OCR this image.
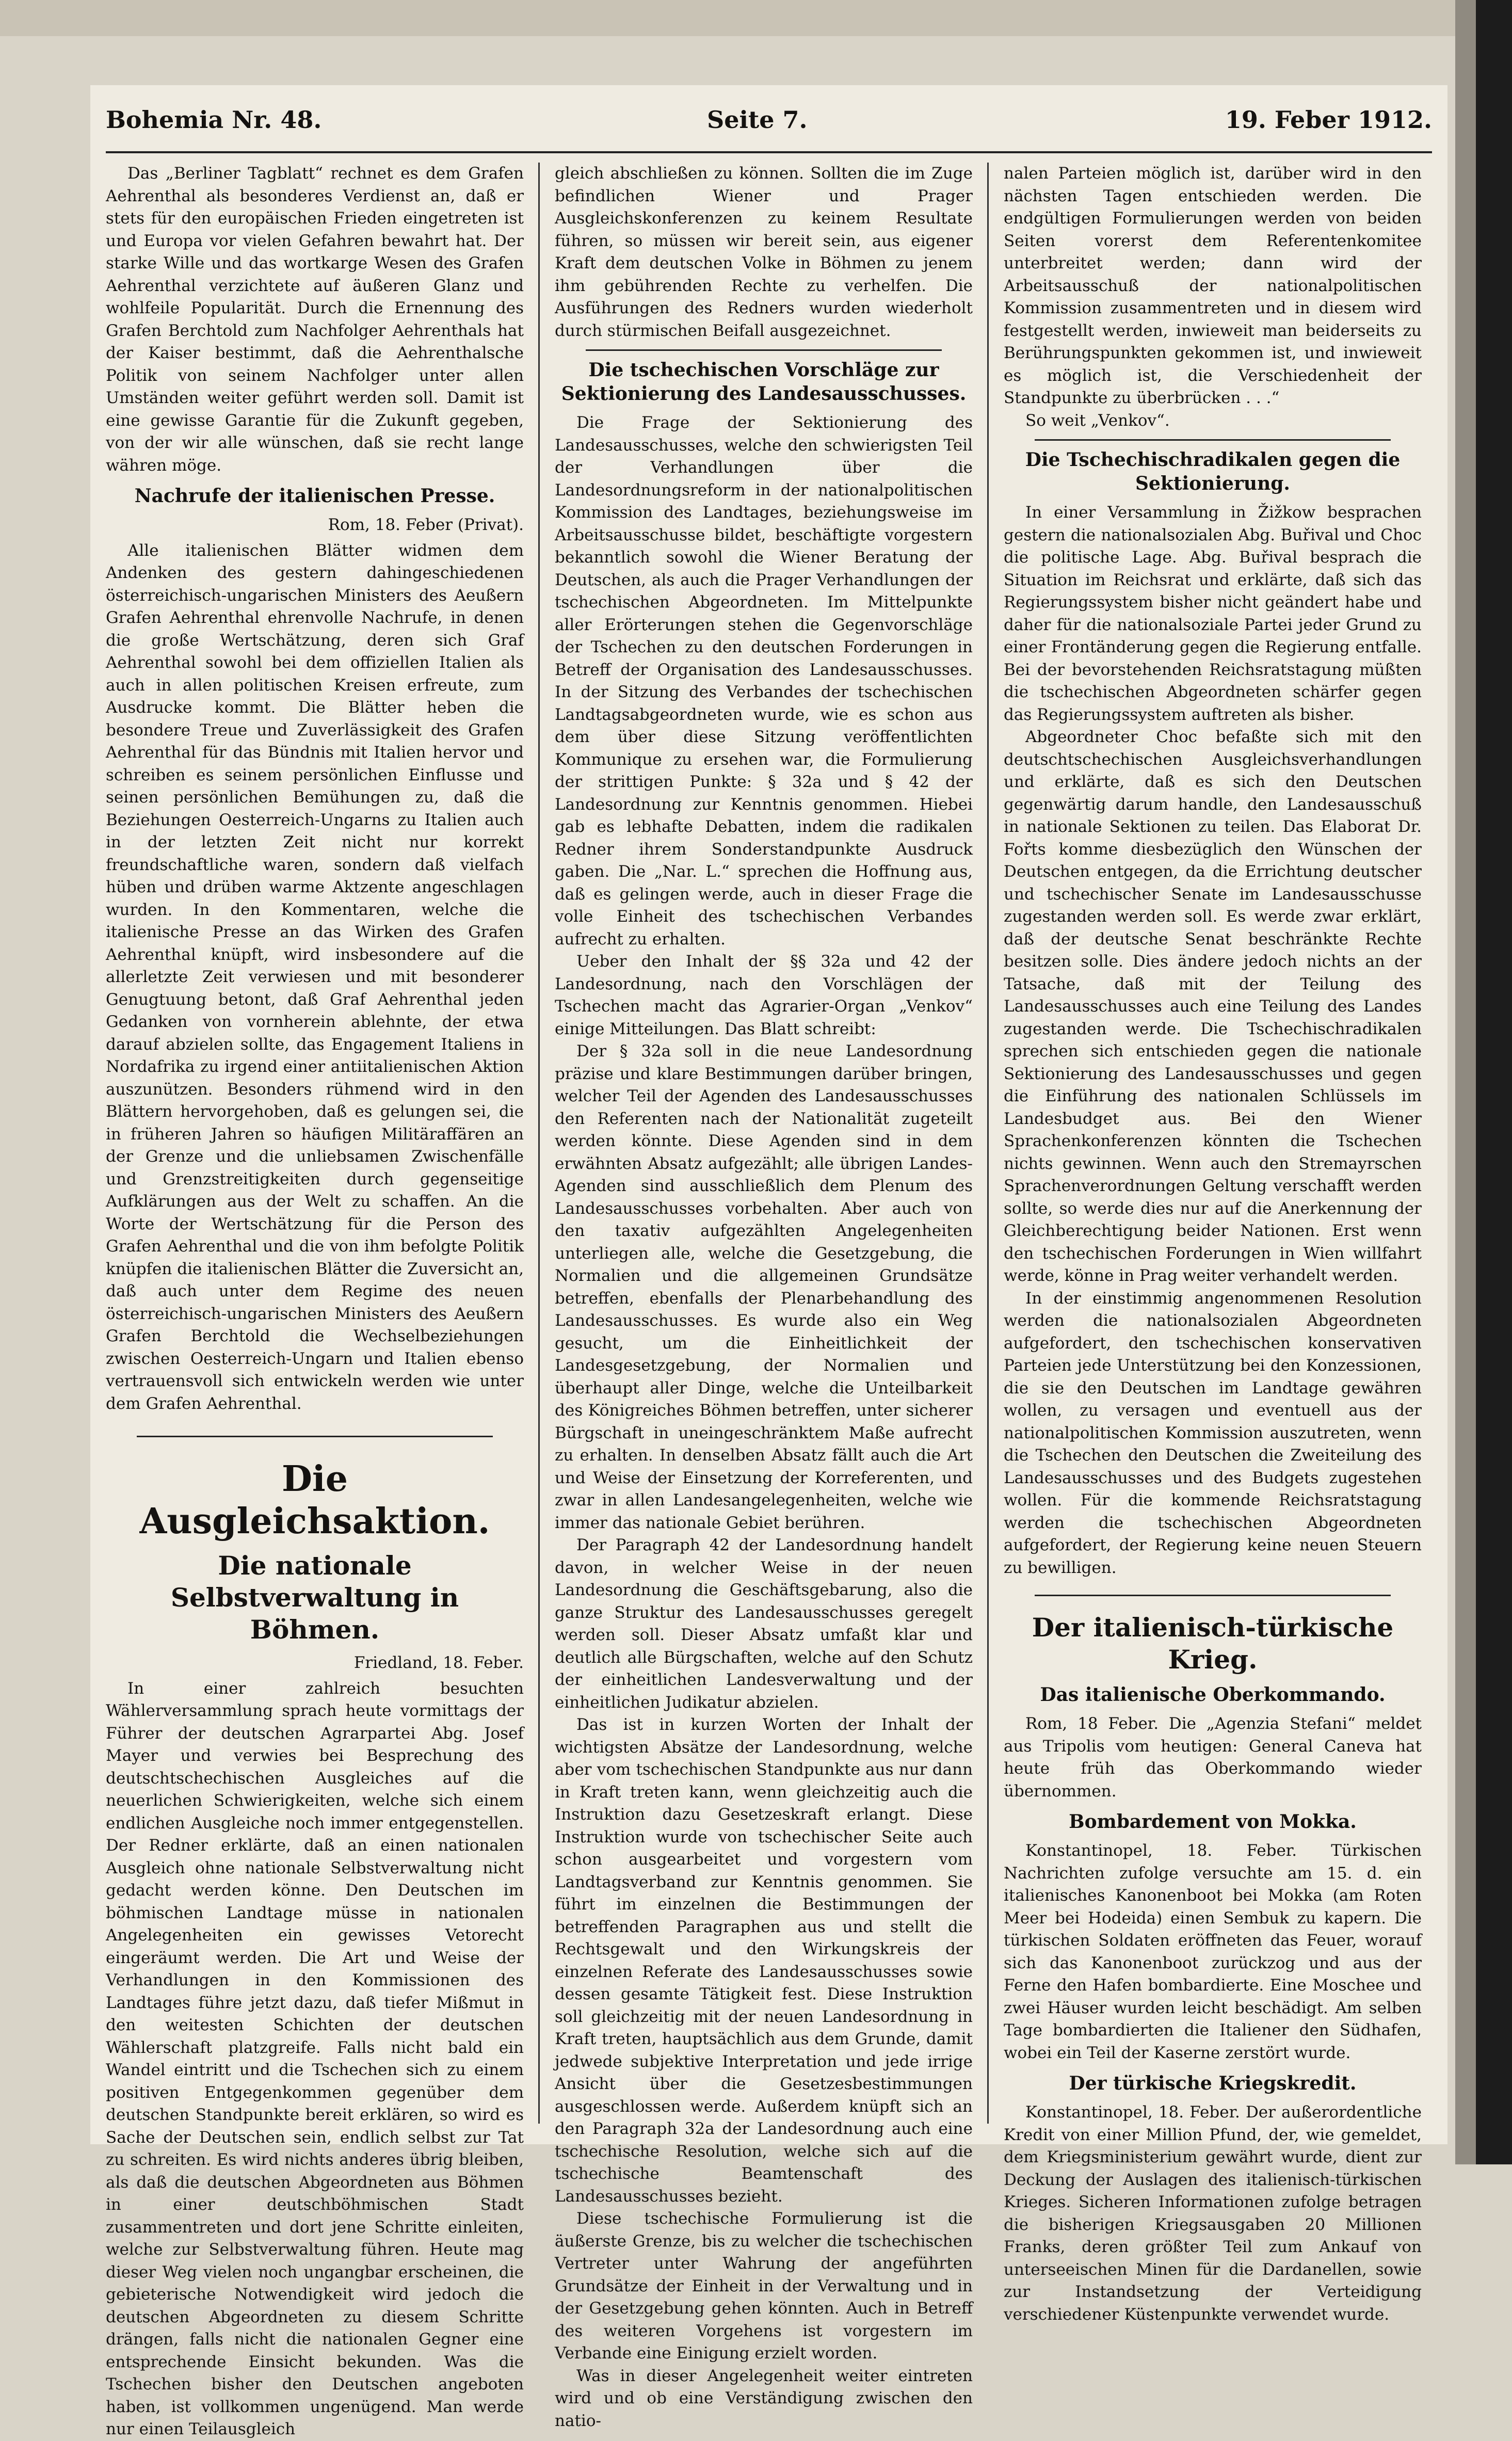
Bohemia Nr. 48.	Seite 7.	19. Feber 1912.

Das „Berliner Tagblatt“ rechnet es dem Grafen Aehrenthal als besonderes Verdienst an, daß er stets für den europäischen Frieden eingetreten ist und Europa vor vielen Gefahren bewahrt hat. Der starke Wille und das wortkarge Wesen des Grafen Aehrenthal verzichtete auf äußeren Glanz und wohlfeile Popularität. Durch die Ernennung des Grafen Berchtold zum Nachfolger Aehrenthals hat der Kaiser bestimmt, daß die Aehrenthalsche Politik von seinem Nachfolger unter allen Umständen weiter geführt werden soll. Damit ist eine gewisse Garantie für die Zukunft gegeben, von der wir alle wünschen, daß sie recht lange währen möge.

Nachrufe der italienischen Presse.
Rom, 18. Feber (Privat).

Alle italienischen Blätter widmen dem Andenken des gestern dahingeschiedenen österreichisch-ungarischen Ministers des Aeußern Grafen Aehrenthal ehrenvolle Nachrufe, in denen die große Wertschätzung, deren sich Graf Aehrenthal sowohl bei dem offiziellen Italien als auch in allen politischen Kreisen erfreute, zum Ausdrucke kommt. Die Blätter heben die besondere Treue und Zuverlässigkeit des Grafen Aehrenthal für das Bündnis mit Italien hervor und schreiben es seinem persönlichen Einflusse und seinen persönlichen Bemühungen zu, daß die Beziehungen Oesterreich-Ungarns zu Italien auch in der letzten Zeit nicht nur korrekt freundschaftliche waren, sondern daß vielfach hüben und drüben warme Aktzente angeschlagen wurden. In den Kommentaren, welche die italienische Presse an das Wirken des Grafen Aehrenthal knüpft, wird insbesondere auf die allerletzte Zeit verwiesen und mit besonderer Genugtuung betont, daß Graf Aehrenthal jeden Gedanken von vornherein ablehnte, der etwa darauf abzielen sollte, das Engagement Italiens in Nordafrika zu irgend einer antiitalienischen Aktion auszunützen. Besonders rühmend wird in den Blättern hervorgehoben, daß es gelungen sei, die in früheren Jahren so häufigen Militäraffären an der Grenze und die unliebsamen Zwischenfälle und Grenzstreitigkeiten durch gegenseitige Aufklärungen aus der Welt zu schaffen. An die Worte der Wertschätzung für die Person des Grafen Aehrenthal und die von ihm befolgte Politik knüpfen die italienischen Blätter die Zuversicht an, daß auch unter dem Regime des neuen österreichisch-ungarischen Ministers des Aeußern Grafen Berchtold die Wechselbeziehungen zwischen Oesterreich-Ungarn und Italien ebenso vertrauensvoll sich entwickeln werden wie unter dem Grafen Aehrenthal.

Die Ausgleichsaktion.
Die nationale Selbstverwaltung in Böhmen.
Friedland, 18. Feber.

In einer zahlreich besuchten Wählerversammlung sprach heute vormittags der Führer der deutschen Agrarpartei Abg. Josef Mayer und verwies bei Besprechung des deutschtschechischen Ausgleiches auf die neuerlichen Schwierigkeiten, welche sich einem endlichen Ausgleiche noch immer entgegenstellen. Der Redner erklärte, daß an einen nationalen Ausgleich ohne nationale Selbstverwaltung nicht gedacht werden könne. Den Deutschen im böhmischen Landtage müsse in nationalen Angelegenheiten ein gewisses Vetorecht eingeräumt werden. Die Art und Weise der Verhandlungen in den Kommissionen des Landtages führe jetzt dazu, daß tiefer Mißmut in den weitesten Schichten der deutschen Wählerschaft platzgreife. Falls nicht bald ein Wandel eintritt und die Tschechen sich zu einem positiven Entgegenkommen gegenüber dem deutschen Standpunkte bereit erklären, so wird es Sache der Deutschen sein, endlich selbst zur Tat zu schreiten. Es wird nichts anderes übrig bleiben, als daß die deutschen Abgeordneten aus Böhmen in einer deutschböhmischen Stadt zusammentreten und dort jene Schritte einleiten, welche zur Selbstverwaltung führen. Heute mag dieser Weg vielen noch ungangbar erscheinen, die gebieterische Notwendigkeit wird jedoch die deutschen Abgeordneten zu diesem Schritte drängen, falls nicht die nationalen Gegner eine entsprechende Einsicht bekunden. Was die Tschechen bisher den Deutschen angeboten haben, ist vollkommen ungenügend. Man werde nur einen Teilausgleich

gleich abschließen zu können. Sollten die im Zuge befindlichen Wiener und Prager Ausgleichskonferenzen zu keinem Resultate führen, so müssen wir bereit sein, aus eigener Kraft dem deutschen Volke in Böhmen zu jenem ihm gebührenden Rechte zu verhelfen. Die Ausführungen des Redners wurden wiederholt durch stürmischen Beifall ausgezeichnet.

Die tschechischen Vorschläge zur Sektionierung des Landesausschusses.

Die Frage der Sektionierung des Landesausschusses, welche den schwierigsten Teil der Verhandlungen über die Landesordnungsreform in der nationalpolitischen Kommission des Landtages, beziehungsweise im Arbeitsausschusse bildet, beschäftigte vorgestern bekanntlich sowohl die Wiener Beratung der Deutschen, als auch die Prager Verhandlungen der tschechischen Abgeordneten. Im Mittelpunkte aller Erörterungen stehen die Gegenvorschläge der Tschechen zu den deutschen Forderungen in Betreff der Organisation des Landesausschusses. In der Sitzung des Verbandes der tschechischen Landtagsabgeordneten wurde, wie es schon aus dem über diese Sitzung veröffentlichten Kommunique zu ersehen war, die Formulierung der strittigen Punkte: § 32a und § 42 der Landesordnung zur Kenntnis genommen. Hiebei gab es lebhafte Debatten, indem die radikalen Redner ihrem Sonderstandpunkte Ausdruck gaben. Die „Nar. L.“ sprechen die Hoffnung aus, daß es gelingen werde, auch in dieser Frage die volle Einheit des tschechischen Verbandes aufrecht zu erhalten.

Ueber den Inhalt der §§ 32a und 42 der Landesordnung, nach den Vorschlägen der Tschechen macht das Agrarier-Organ „Venkov“ einige Mitteilungen. Das Blatt schreibt:

Der § 32a soll in die neue Landesordnung präzise und klare Bestimmungen darüber bringen, welcher Teil der Agenden des Landesausschusses den Referenten nach der Nationalität zugeteilt werden könnte. Diese Agenden sind in dem erwähnten Absatz aufgezählt; alle übrigen Landes-Agenden sind ausschließlich dem Plenum des Landesausschusses vorbehalten. Aber auch von den taxativ aufgezählten Angelegenheiten unterliegen alle, welche die Gesetzgebung, die Normalien und die allgemeinen Grundsätze betreffen, ebenfalls der Plenarbehandlung des Landesausschusses. Es wurde also ein Weg gesucht, um die Einheitlichkeit der Landesgesetzgebung, der Normalien und überhaupt aller Dinge, welche die Unteilbarkeit des Königreiches Böhmen betreffen, unter sicherer Bürgschaft in uneingeschränktem Maße aufrecht zu erhalten. In denselben Absatz fällt auch die Art und Weise der Einsetzung der Korreferenten, und zwar in allen Landesangelegenheiten, welche wie immer das nationale Gebiet berühren.

Der Paragraph 42 der Landesordnung handelt davon, in welcher Weise in der neuen Landesordnung die Geschäftsgebarung, also die ganze Struktur des Landesausschusses geregelt werden soll. Dieser Absatz umfaßt klar und deutlich alle Bürgschaften, welche auf den Schutz der einheitlichen Landesverwaltung und der einheitlichen Judikatur abzielen.

Das ist in kurzen Worten der Inhalt der wichtigsten Absätze der Landesordnung, welche aber vom tschechischen Standpunkte aus nur dann in Kraft treten kann, wenn gleichzeitig auch die Instruktion dazu Gesetzeskraft erlangt. Diese Instruktion wurde von tschechischer Seite auch schon ausgearbeitet und vorgestern vom Landtagsverband zur Kenntnis genommen. Sie führt im einzelnen die Bestimmungen der betreffenden Paragraphen aus und stellt die Rechtsgewalt und den Wirkungskreis der einzelnen Referate des Landesausschusses sowie dessen gesamte Tätigkeit fest. Diese Instruktion soll gleichzeitig mit der neuen Landesordnung in Kraft treten, hauptsächlich aus dem Grunde, damit jedwede subjektive Interpretation und jede irrige Ansicht über die Gesetzesbestimmungen ausgeschlossen werde. Außerdem knüpft sich an den Paragraph 32a der Landesordnung auch eine tschechische Resolution, welche sich auf die tschechische Beamtenschaft des Landesausschusses bezieht.

Diese tschechische Formulierung ist die äußerste Grenze, bis zu welcher die tschechischen Vertreter unter Wahrung der angeführten Grundsätze der Einheit in der Verwaltung und in der Gesetzgebung gehen könnten. Auch in Betreff des weiteren Vorgehens ist vorgestern im Verbande eine Einigung erzielt worden.

Was in dieser Angelegenheit weiter eintreten wird und ob eine Verständigung zwischen den natio-

nalen Parteien möglich ist, darüber wird in den nächsten Tagen entschieden werden. Die endgültigen Formulierungen werden von beiden Seiten vorerst dem Referentenkomitee unterbreitet werden; dann wird der Arbeitsausschuß der nationalpolitischen Kommission zusammentreten und in diesem wird festgestellt werden, inwieweit man beiderseits zu Berührungspunkten gekommen ist, und inwieweit es möglich ist, die Verschiedenheit der Standpunkte zu überbrücken . . .“

So weit „Venkov“.

Die Tschechischradikalen gegen die Sektionierung.

In einer Versammlung in Žižkow besprachen gestern die nationalsozialen Abg. Buřival und Choc die politische Lage. Abg. Buřival besprach die Situation im Reichsrat und erklärte, daß sich das Regierungssystem bisher nicht geändert habe und daher für die nationalsoziale Partei jeder Grund zu einer Frontänderung gegen die Regierung entfalle. Bei der bevorstehenden Reichsratstagung müßten die tschechischen Abgeordneten schärfer gegen das Regierungssystem auftreten als bisher.

Abgeordneter Choc befaßte sich mit den deutschtschechischen Ausgleichsverhandlungen und erklärte, daß es sich den Deutschen gegenwärtig darum handle, den Landesausschuß in nationale Sektionen zu teilen. Das Elaborat Dr. Fořts komme diesbezüglich den Wünschen der Deutschen entgegen, da die Errichtung deutscher und tschechischer Senate im Landesausschusse zugestanden werden soll. Es werde zwar erklärt, daß der deutsche Senat beschränkte Rechte besitzen solle. Dies ändere jedoch nichts an der Tatsache, daß mit der Teilung des Landesausschusses auch eine Teilung des Landes zugestanden werde. Die Tschechischradikalen sprechen sich entschieden gegen die nationale Sektionierung des Landesausschusses und gegen die Einführung des nationalen Schlüssels im Landesbudget aus. Bei den Wiener Sprachenkonferenzen könnten die Tschechen nichts gewinnen. Wenn auch den Stremayrschen Sprachenverordnungen Geltung verschafft werden sollte, so werde dies nur auf die Anerkennung der Gleichberechtigung beider Nationen. Erst wenn den tschechischen Forderungen in Wien willfahrt werde, könne in Prag weiter verhandelt werden.

In der einstimmig angenommenen Resolution werden die nationalsozialen Abgeordneten aufgefordert, den tschechischen konservativen Parteien jede Unterstützung bei den Konzessionen, die sie den Deutschen im Landtage gewähren wollen, zu versagen und eventuell aus der nationalpolitischen Kommission auszutreten, wenn die Tschechen den Deutschen die Zweiteilung des Landesausschusses und des Budgets zugestehen wollen. Für die kommende Reichsratstagung werden die tschechischen Abgeordneten aufgefordert, der Regierung keine neuen Steuern zu bewilligen.

Der italienisch-türkische Krieg.
Das italienische Oberkommando.

Rom, 18 Feber. Die „Agenzia Stefani“ meldet aus Tripolis vom heutigen: General Caneva hat heute früh das Oberkommando wieder übernommen.

Bombardement von Mokka.

Konstantinopel, 18. Feber. Türkischen Nachrichten zufolge versuchte am 15. d. ein italienisches Kanonenboot bei Mokka (am Roten Meer bei Hodeida) einen Sembuk zu kapern. Die türkischen Soldaten eröffneten das Feuer, worauf sich das Kanonenboot zurückzog und aus der Ferne den Hafen bombardierte. Eine Moschee und zwei Häuser wurden leicht beschädigt. Am selben Tage bombardierten die Italiener den Südhafen, wobei ein Teil der Kaserne zerstört wurde.

Der türkische Kriegskredit.

Konstantinopel, 18. Feber. Der außerordentliche Kredit von einer Million Pfund, der, wie gemeldet, dem Kriegsministerium gewährt wurde, dient zur Deckung der Auslagen des italienisch-türkischen Krieges. Sicheren Informationen zufolge betragen die bisherigen Kriegsausgaben 20 Millionen Franks, deren größter Teil zum Ankauf von unterseeischen Minen für die Dardanellen, sowie zur Instandsetzung der Verteidigung verschiedener Küstenpunkte verwendet wurde.
